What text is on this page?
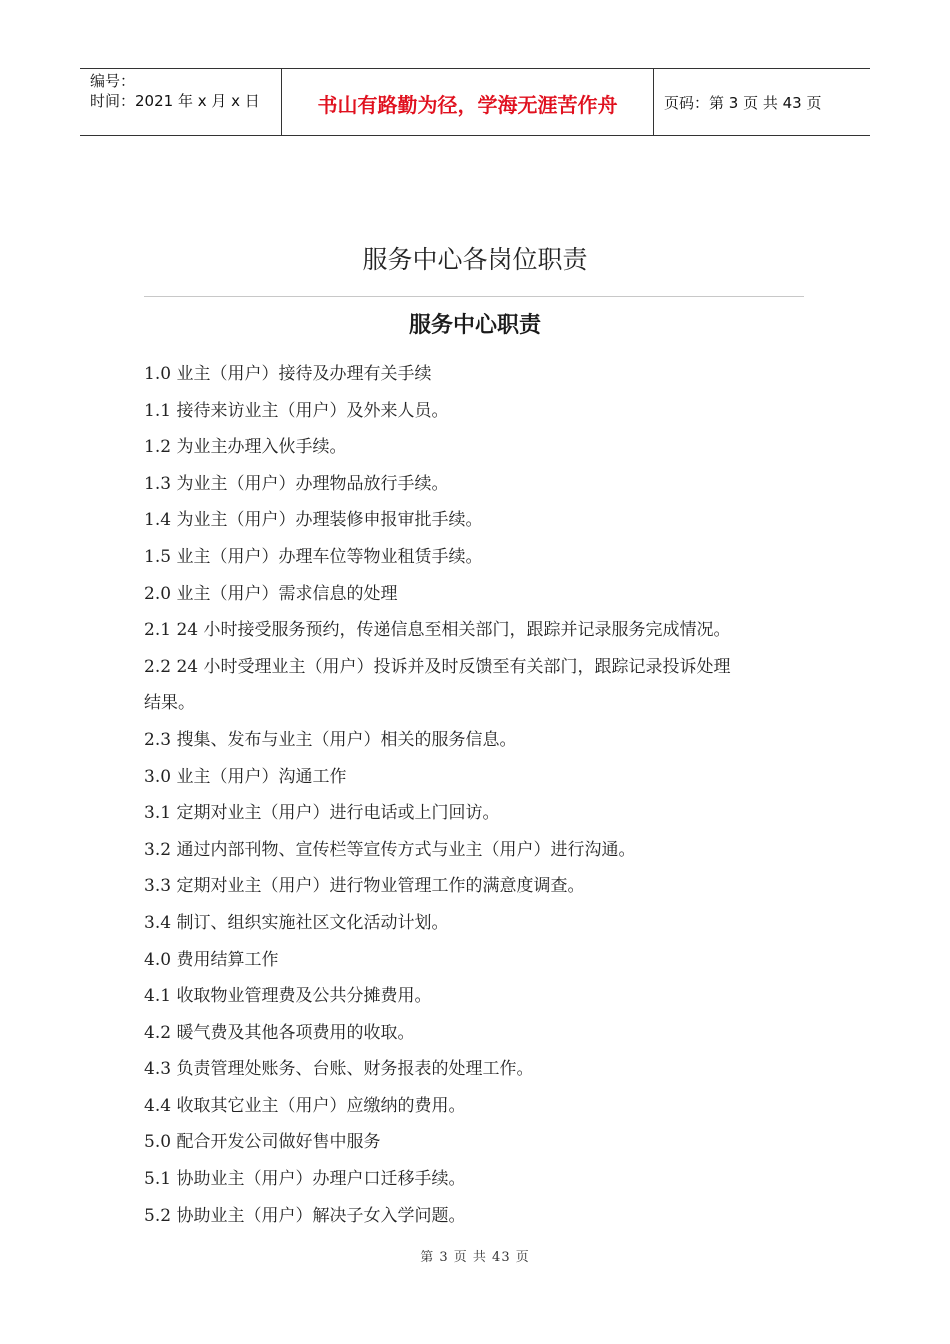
编号：
时间：2021 年 x 月 x 日	书山有路勤为径，学海无涯苦作舟	页码：第 3 页 共 43 页
服务中心各岗位职责
服务中心职责

1.0 业主（用户）接待及办理有关手续

1.1 接待来访业主（用户）及外来人员。

1.2 为业主办理入伙手续。

1.3 为业主（用户）办理物品放行手续。

1.4 为业主（用户）办理装修申报审批手续。

1.5 业主（用户）办理车位等物业租赁手续。

2.0 业主（用户）需求信息的处理

2.1 24 小时接受服务预约，传递信息至相关部门，跟踪并记录服务完成情况。

2.2 24 小时受理业主（用户）投诉并及时反馈至有关部门，跟踪记录投诉处理

结果。

2.3 搜集、发布与业主（用户）相关的服务信息。

3.0 业主（用户）沟通工作

3.1 定期对业主（用户）进行电话或上门回访。

3.2 通过内部刊物、宣传栏等宣传方式与业主（用户）进行沟通。

3.3 定期对业主（用户）进行物业管理工作的满意度调查。

3.4 制订、组织实施社区文化活动计划。

4.0 费用结算工作

4.1 收取物业管理费及公共分摊费用。

4.2 暖气费及其他各项费用的收取。

4.3 负责管理处账务、台账、财务报表的处理工作。

4.4 收取其它业主（用户）应缴纳的费用。

5.0 配合开发公司做好售中服务

5.1 协助业主（用户）办理户口迁移手续。

5.2 协助业主（用户）解决子女入学问题。

第 3 页 共 43 页
